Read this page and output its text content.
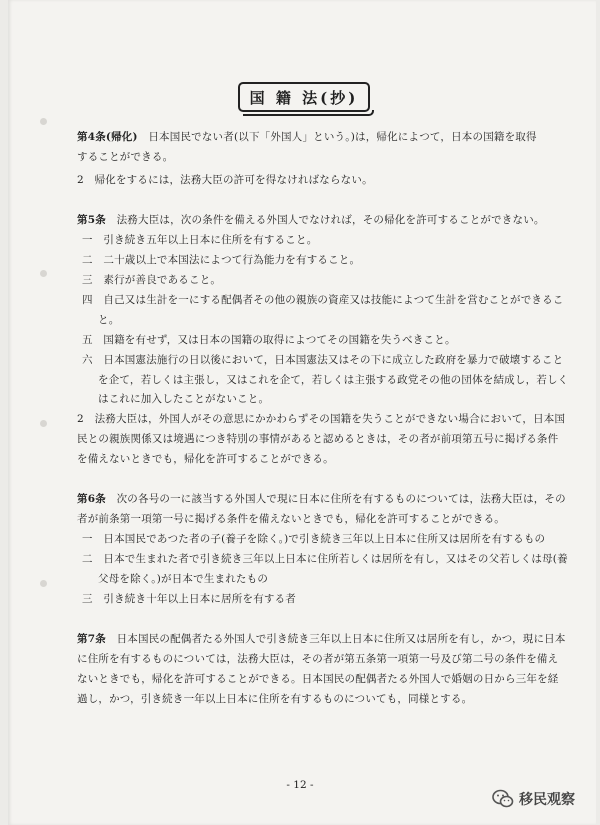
国 籍 法(抄)
第4条(帰化)　 日本国民でない者(以下「外国人」という。)は，帰化によつて，日本の国籍を取得
することができる。
2　帰化をするには，法務大臣の許可を得なければならない。
第5条　 法務大臣は，次の条件を備える外国人でなければ，その帰化を許可することができない。
一　引き続き五年以上日本に住所を有すること。
二　二十歳以上で本国法によつて行為能力を有すること。
三　素行が善良であること。
四　自己又は生計を一にする配偶者その他の親族の資産又は技能によつて生計を営むことができるこ
と。
五　国籍を有せず，又は日本の国籍の取得によつてその国籍を失うべきこと。
六　日本国憲法施行の日以後において，日本国憲法又はその下に成立した政府を暴力で破壊すること
を企て，若しくは主張し，又はこれを企て，若しくは主張する政党その他の団体を結成し，若しく
はこれに加入したことがないこと。
2　法務大臣は，外国人がその意思にかかわらずその国籍を失うことができない場合において，日本国
民との親族関係又は境遇につき特別の事情があると認めるときは，その者が前項第五号に掲げる条件
を備えないときでも，帰化を許可することができる。
第6条　 次の各号の一に該当する外国人で現に日本に住所を有するものについては，法務大臣は，その
者が前条第一項第一号に掲げる条件を備えないときでも，帰化を許可することができる。
一　日本国民であつた者の子(養子を除く。)で引き続き三年以上日本に住所又は居所を有するもの
二　日本で生まれた者で引き続き三年以上日本に住所若しくは居所を有し，又はその父若しくは母(養
父母を除く。)が日本で生まれたもの
三　引き続き十年以上日本に居所を有する者
第7条　 日本国民の配偶者たる外国人で引き続き三年以上日本に住所又は居所を有し，かつ，現に日本
に住所を有するものについては，法務大臣は，その者が第五条第一項第一号及び第二号の条件を備え
ないときでも，帰化を許可することができる。日本国民の配偶者たる外国人で婚姻の日から三年を経
過し，かつ，引き続き一年以上日本に住所を有するものについても，同様とする。
- 12 -
移民观察
